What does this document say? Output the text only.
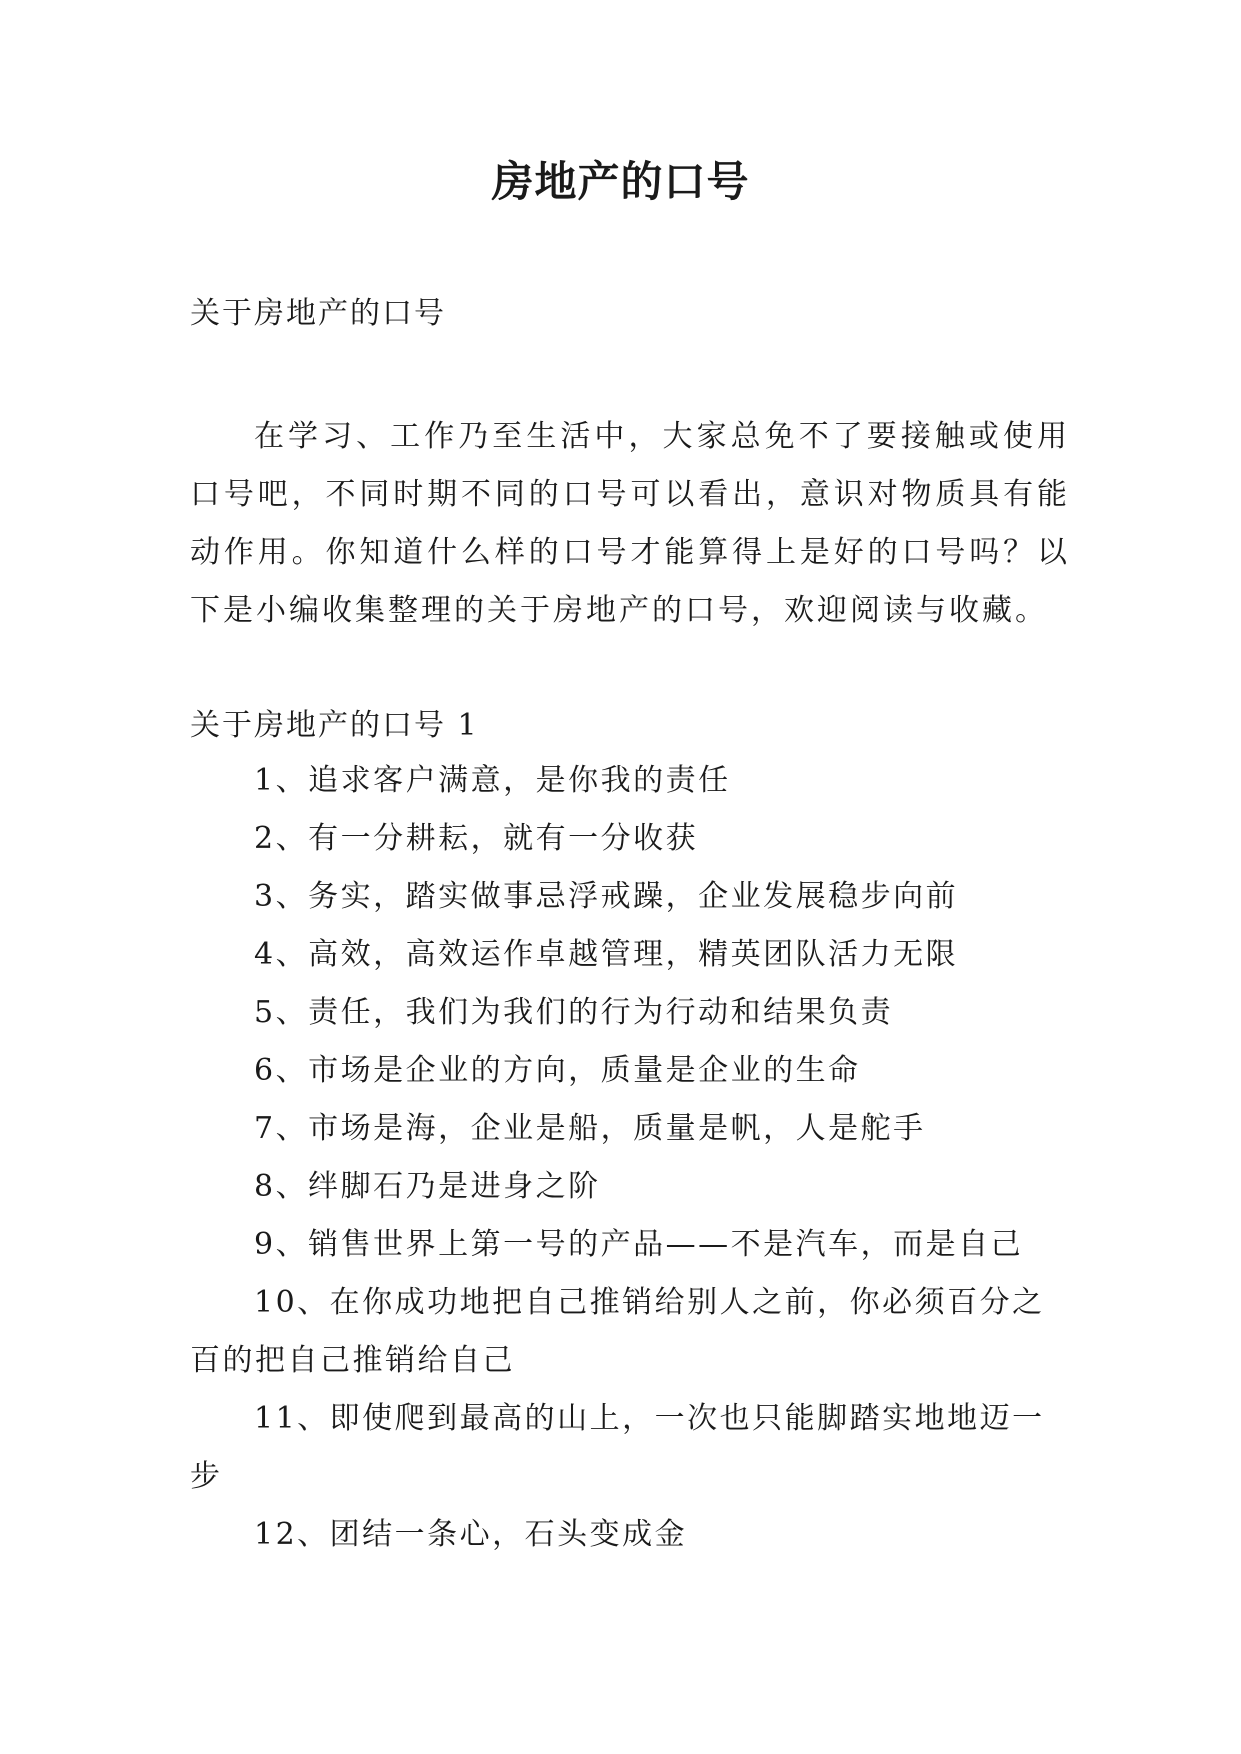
房地产的口号

关于房地产的口号

在学习、工作乃至生活中，大家总免不了要接触或使用口号吧，不同时期不同的口号可以看出，意识对物质具有能动作用。你知道什么样的口号才能算得上是好的口号吗？以下是小编收集整理的关于房地产的口号，欢迎阅读与收藏。

关于房地产的口号 1

1、追求客户满意，是你我的责任
2、有一分耕耘，就有一分收获
3、务实，踏实做事忌浮戒躁，企业发展稳步向前
4、高效，高效运作卓越管理，精英团队活力无限
5、责任，我们为我们的行为行动和结果负责
6、市场是企业的方向，质量是企业的生命
7、市场是海，企业是船，质量是帆，人是舵手
8、绊脚石乃是进身之阶
9、销售世界上第一号的产品——不是汽车，而是自己
10、在你成功地把自己推销给别人之前，你必须百分之百的把自己推销给自己
11、即使爬到最高的山上，一次也只能脚踏实地地迈一步
12、团结一条心，石头变成金
